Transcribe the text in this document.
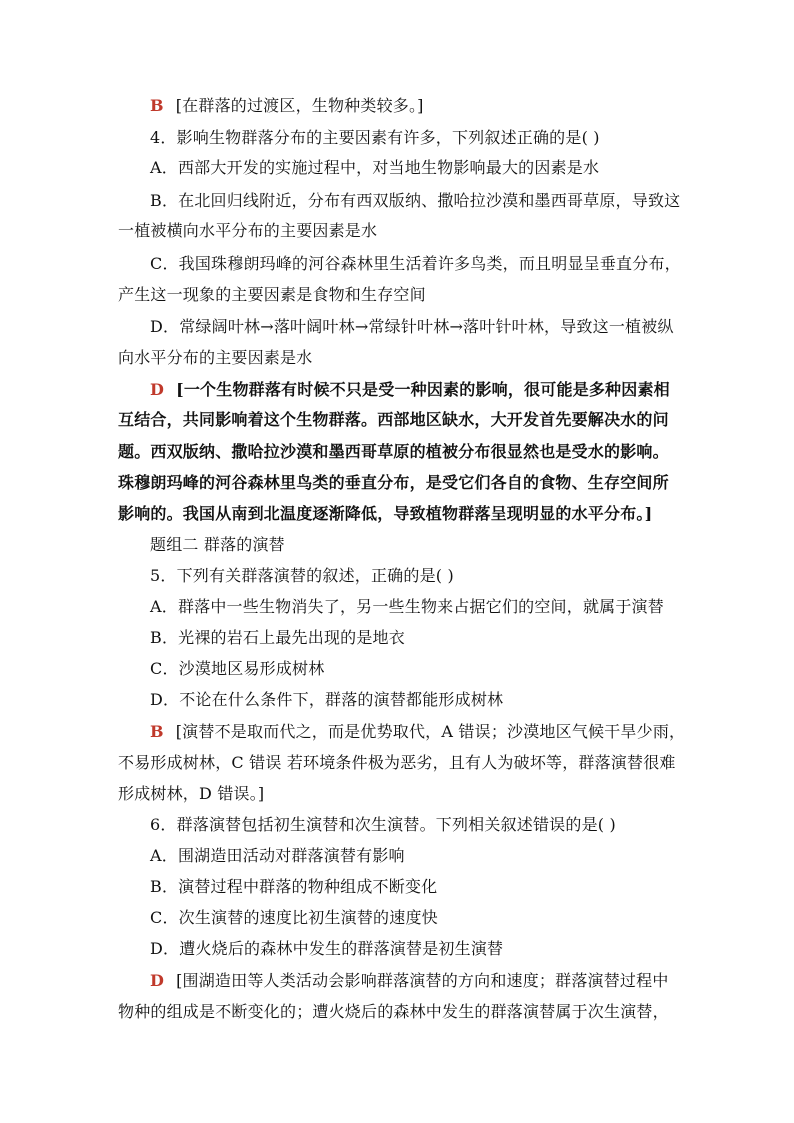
B [在群落的过渡区，生物种类较多。]
4．影响生物群落分布的主要因素有许多，下列叙述正确的是( )
A．西部大开发的实施过程中，对当地生物影响最大的因素是水
B．在北回归线附近，分布有西双版纳、撒哈拉沙漠和墨西哥草原，导致这
一植被横向水平分布的主要因素是水
C．我国珠穆朗玛峰的河谷森林里生活着许多鸟类，而且明显呈垂直分布，
产生这一现象的主要因素是食物和生存空间
D．常绿阔叶林→落叶阔叶林→常绿针叶林→落叶针叶林，导致这一植被纵
向水平分布的主要因素是水
D [一个生物群落有时候不只是受一种因素的影响，很可能是多种因素相
互结合，共同影响着这个生物群落。西部地区缺水，大开发首先要解决水的问
题。西双版纳、撒哈拉沙漠和墨西哥草原的植被分布很显然也是受水的影响。
珠穆朗玛峰的河谷森林里鸟类的垂直分布，是受它们各自的食物、生存空间所
影响的。我国从南到北温度逐渐降低，导致植物群落呈现明显的水平分布。]
题组二 群落的演替
5．下列有关群落演替的叙述，正确的是( )
A．群落中一些生物消失了，另一些生物来占据它们的空间，就属于演替
B．光裸的岩石上最先出现的是地衣
C．沙漠地区易形成树林
D．不论在什么条件下，群落的演替都能形成树林
B [演替不是取而代之，而是优势取代，A 错误；沙漠地区气候干旱少雨，
不易形成树林，C 错误 若环境条件极为恶劣，且有人为破坏等，群落演替很难
形成树林，D 错误。]
6．群落演替包括初生演替和次生演替。下列相关叙述错误的是( )
A．围湖造田活动对群落演替有影响
B．演替过程中群落的物种组成不断变化
C．次生演替的速度比初生演替的速度快
D．遭火烧后的森林中发生的群落演替是初生演替
D [围湖造田等人类活动会影响群落演替的方向和速度；群落演替过程中
物种的组成是不断变化的；遭火烧后的森林中发生的群落演替属于次生演替，
